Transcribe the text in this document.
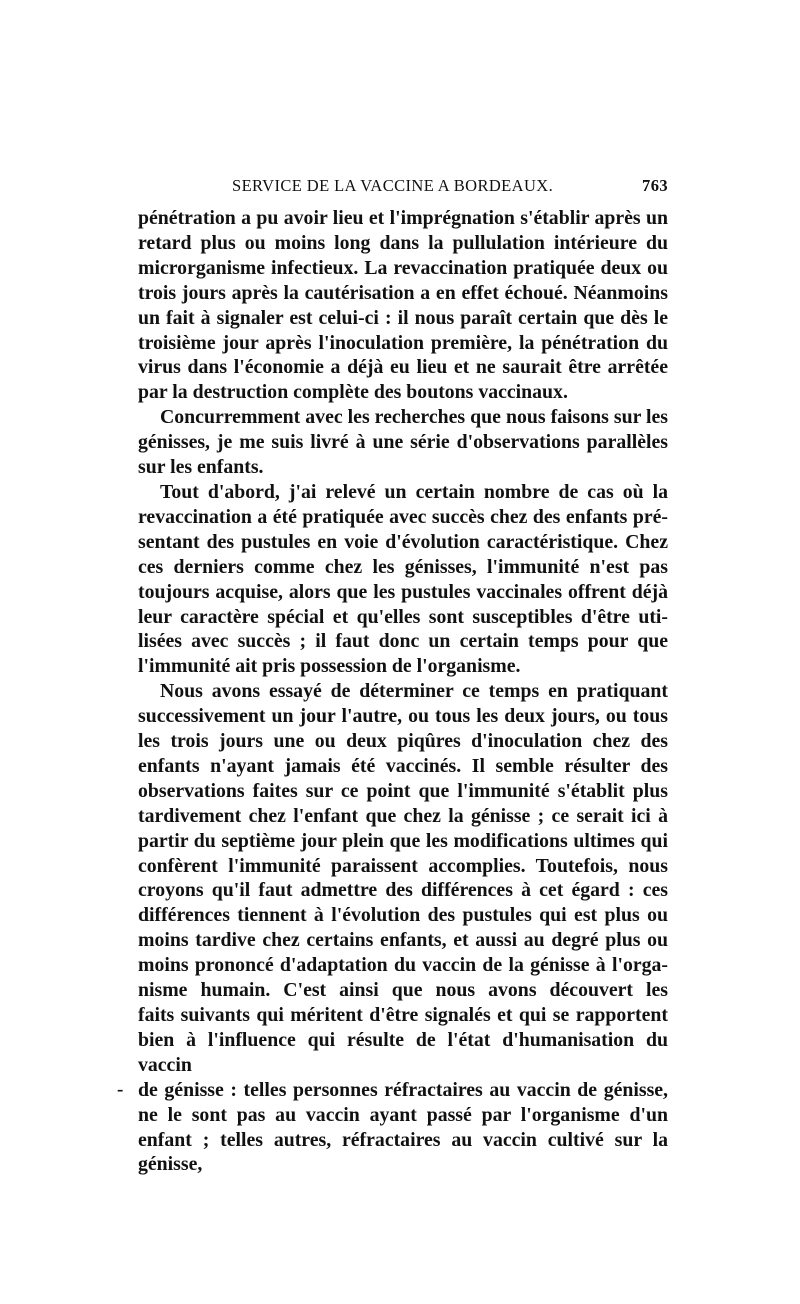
SERVICE DE LA VACCINE A BORDEAUX.	763

pénétration a pu avoir lieu et l'imprégnation s'établir après un

retard plus ou moins long dans la pullulation intérieure du

microrganisme infectieux. La revaccination pratiquée deux ou

trois jours après la cautérisation a en effet échoué. Néanmoins

un fait à signaler est celui-ci : il nous paraît certain que dès le

troisième jour après l'inoculation première, la pénétration du

virus dans l'économie a déjà eu lieu et ne saurait être arrêtée

par la destruction complète des boutons vaccinaux.

Concurremment avec les recherches que nous faisons sur les

génisses, je me suis livré à une série d'observations parallèles

sur les enfants.

Tout d'abord, j'ai relevé un certain nombre de cas où la

revaccination a été pratiquée avec succès chez des enfants pré-

sentant des pustules en voie d'évolution caractéristique. Chez

ces derniers comme chez les génisses, l'immunité n'est pas

toujours acquise, alors que les pustules vaccinales offrent déjà

leur caractère spécial et qu'elles sont susceptibles d'être uti-

lisées avec succès ; il faut donc un certain temps pour que

l'immunité ait pris possession de l'organisme.

Nous avons essayé de déterminer ce temps en pratiquant

successivement un jour l'autre, ou tous les deux jours, ou tous

les trois jours une ou deux piqûres d'inoculation chez des

enfants n'ayant jamais été vaccinés. Il semble résulter des

observations faites sur ce point que l'immunité s'établit plus

tardivement chez l'enfant que chez la génisse ; ce serait ici à

partir du septième jour plein que les modifications ultimes qui

confèrent l'immunité paraissent accomplies. Toutefois, nous

croyons qu'il faut admettre des différences à cet égard : ces

différences tiennent à l'évolution des pustules qui est plus ou

moins tardive chez certains enfants, et aussi au degré plus ou

moins prononcé d'adaptation du vaccin de la génisse à l'orga-

nisme humain. C'est ainsi que nous avons découvert les

faits suivants qui méritent d'être signalés et qui se rapportent

bien à l'influence qui résulte de l'état d'humanisation du vaccin

de génisse : telles personnes réfractaires au vaccin de génisse,

ne le sont pas au vaccin ayant passé par l'organisme d'un

enfant ; telles autres, réfractaires au vaccin cultivé sur la génisse,

-
